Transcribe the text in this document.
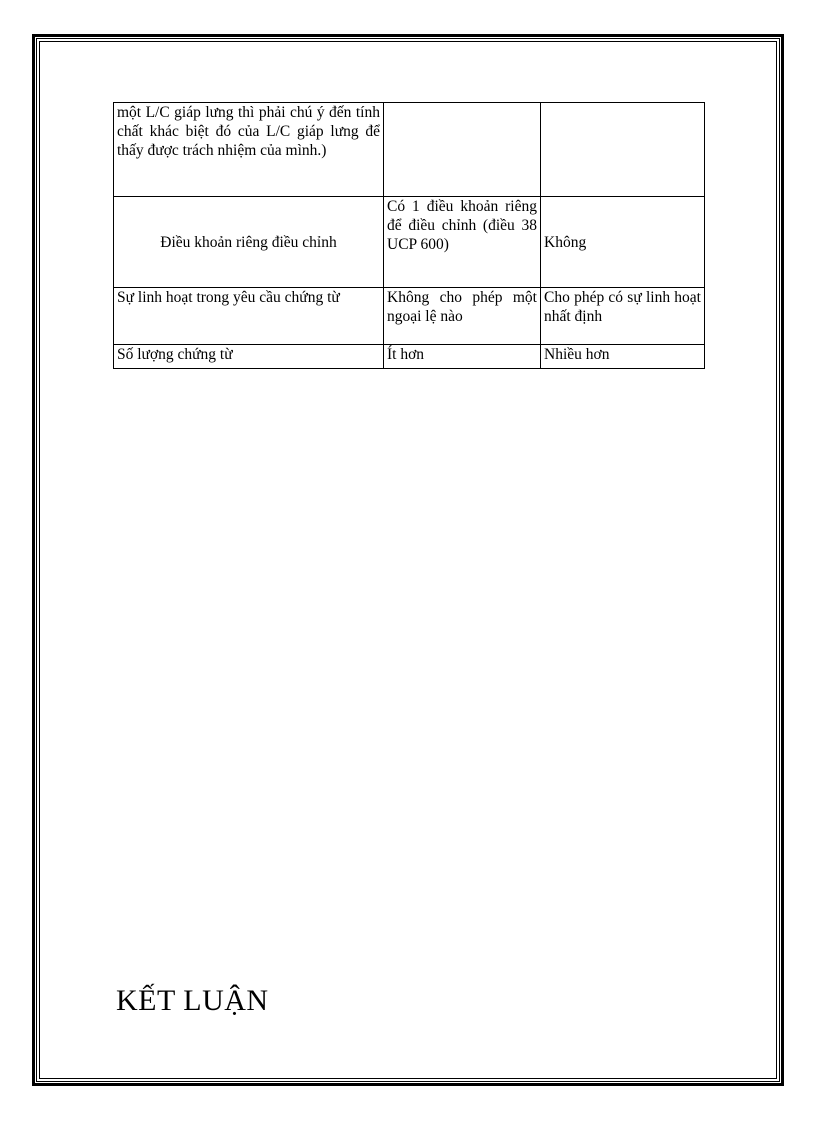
một L/C giáp lưng thì phải chú ý đến tính chất khác biệt đó của L/C giáp lưng để thấy được trách nhiệm của mình.)		
Điều khoản riêng điều chỉnh	Có 1 điều khoản riêng để điều chỉnh (điều 38 UCP 600)	Không
Sự linh hoạt trong yêu cầu chứng từ	Không cho phép một ngoại lệ nào	Cho phép có sự linh hoạt nhất định
Số lượng chứng từ	Ít hơn	Nhiều hơn
KẾT LUẬN
